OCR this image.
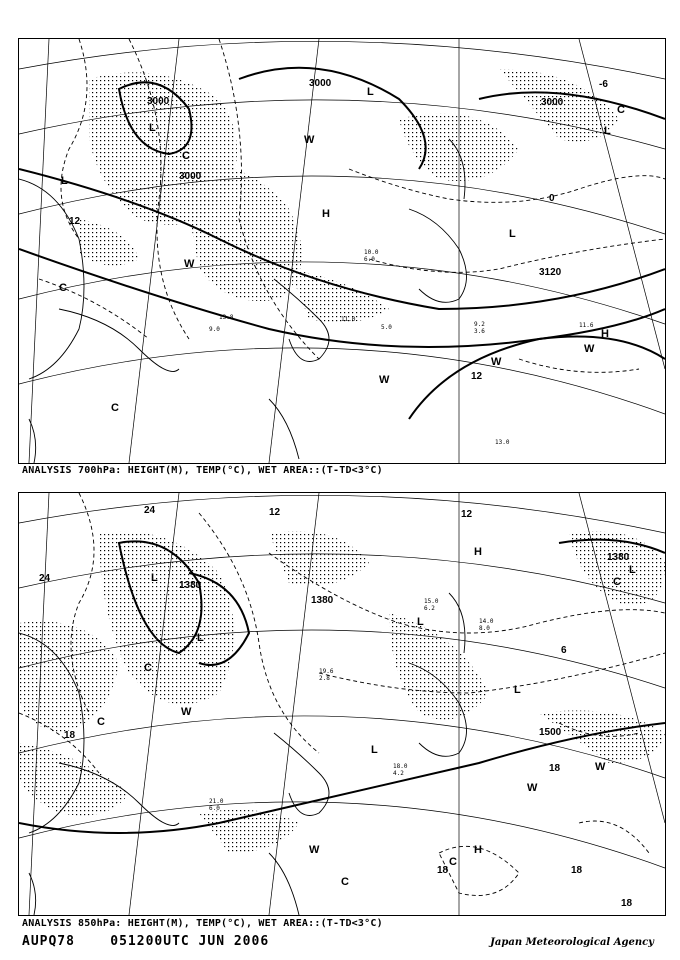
9.2
3.6
11.6
13.0
10.0
6.0
13.8	11.0
9.0	5.0
3000
3000
3000
3000
3120
12
12
-6
0
L
L
L
L
L
H
H
W
W
W
W
W
C
C
C
C
ANALYSIS 700hPa: HEIGHT(M), TEMP(°C), WET AREA::(T-TD<3°C)
19.6
2.8
21.0
6.0
15.0
6.2
14.0
8.0
18.0
4.2
1380
1380
1500
1380
24
24	12	12
18
18
18	18
18
6
L
L
L
L
L
L
H
H
W
W
W
W
C
C
C
C
C
ANALYSIS 850hPa: HEIGHT(M), TEMP(°C), WET AREA::(T-TD<3°C)
AUPQ78	051200UTC JUN 2006	Japan Meteorological Agency
